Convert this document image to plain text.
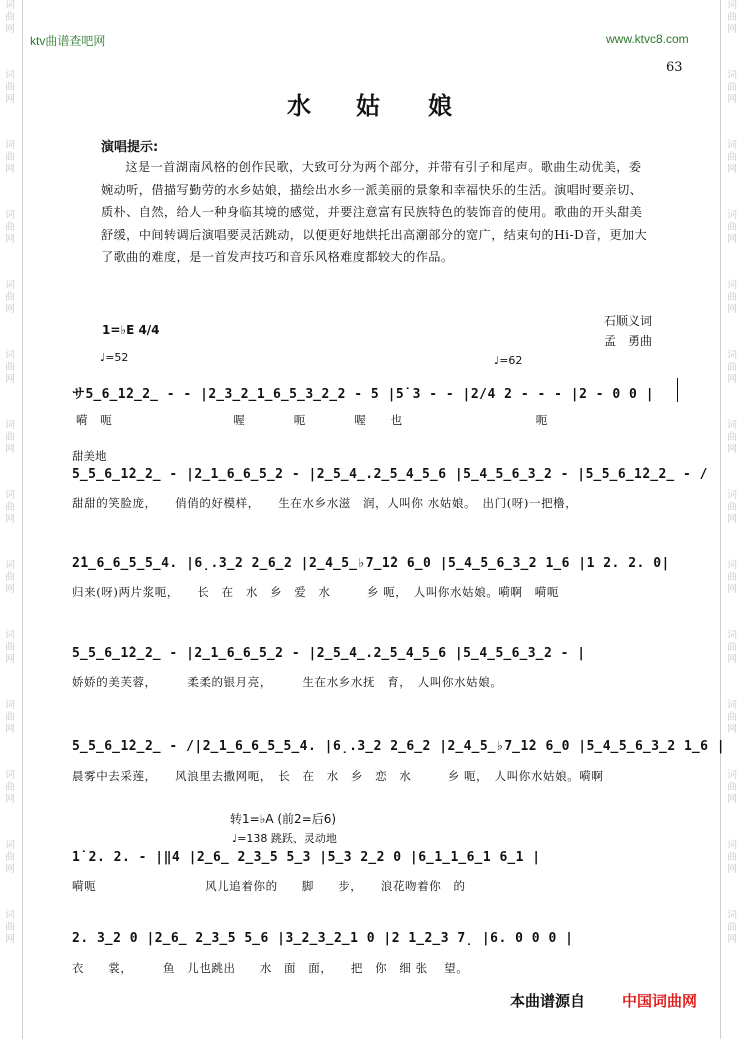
词
曲
网
词
曲
网
词
曲
网
词
曲
网
词
曲
网
词
曲
网
词
曲
网
词
曲
网
词
曲
网
词
曲
网
词
曲
网
词
曲
网
词
曲
网
词
曲
网
词
曲
网
词
曲
网
词
曲
网
词
曲
网
词
曲
网
词
曲
网
词
曲
网
词
曲
网
词
曲
网
词
曲
网
词
曲
网
词
曲
网
词
曲
网
词
曲
网
ktv曲谱查吧网	www.ktvc8.com
63
水 姑 娘
演唱提示:
这是一首湖南风格的创作民歌，大致可分为两个部分，并带有引子和尾声。歌曲生动优美，委婉动听，借描写勤劳的水乡姑娘，描绘出水乡一派美丽的景象和幸福快乐的生活。演唱时要亲切、质朴、自然，给人一种身临其境的感觉，并要注意富有民族特色的装饰音的使用。歌曲的开头甜美舒缓，中间转调后演唱要灵活跳动，以便更好地烘托出高潮部分的宽广，结束句的Hi-D音，更加大了歌曲的难度，是一首发声技巧和音乐风格难度都较大的作品。
石顺义词
孟　勇曲
1=♭E 4/4
♩=52	♩=62
サ5̲6̲1̇2̲2̲ - - |2̲3̲2̲1̲6̲5̲3̲2̲2 - 5 |5̇ 3 - - |2/4 2 - - - |2 - 0 0 |
嗬　呃　　　　　　　　　　喔　　　　呃　　　　喔　　也　　　　　　　　　　　呃
甜美地
5̲5̲6̲1̇2̲2̲ - |2̲1̲6̲6̲5̲2 - |2̲5̲4̲.2̲5̲4̲5̲6 |5̲4̲5̲6̲3̲2 - |5̲5̲6̲1̇2̲2̲ - /
甜甜的笑脸庞，　　俏俏的好模样，　　生在水乡水滋　润，人叫你 水姑娘。　出门(呀)一把橹，
2̇1̲6̲6̲5̲5̲4. |6̣.3̲2 2̲6̲2 |2̲4̲5̲♭7̲1̇2 6̲0 |5̲4̲5̲6̲3̲2 1̲6 |1 2. 2. 0|
归来(呀)两片浆呃，　　长　在　水　乡　爱　水　　　乡 呃，　人叫你水姑娘。嗬啊　嗬呃
5̲5̲6̲1̇2̲2̲ - |2̲1̲6̲6̲5̲2 - |2̲5̲4̲.2̲5̲4̲5̲6 |5̲4̲5̲6̲3̲2 - |
娇娇的美芙蓉，　　　柔柔的银月亮，　　　生在水乡水抚　育，　人叫你水姑娘。
5̲5̲6̲1̇2̲2̲ - /|2̲1̲6̲6̲5̲5̲4. |6̣.3̲2 2̲6̲2 |2̲4̲5̲♭7̲1̇2 6̲0 |5̲4̲5̲6̲3̲2 1̲6 |
晨雾中去采莲，　　风浪里去撒网呃，　长　在　水　乡　恋　水　　　乡 呃，　人叫你水姑娘。嗬啊
转1=♭A (前2=后6)
♩=138 跳跃、灵动地
1̇ 2. 2. - |‖4 |2̲6̲ 2̲3̲5 5̲3 |5̲3 2̲2 0 |6̲1̲1̲6̲1 6̲1 |
嗬呃　　　　　　　　　风儿追着你的　　脚　　步，　　浪花吻着你　的
2. 3̲2 0 |2̲6̲ 2̲3̲5 5̲6 |3̲2̲3̲2̲1 0 |2 1̲2̲3 7̣ |6. 0 0 0 |
衣　　裳，　　　鱼　儿也跳出　　水　面　面，　　把　你　细 张　 望。
本曲谱源自 中国词曲网
